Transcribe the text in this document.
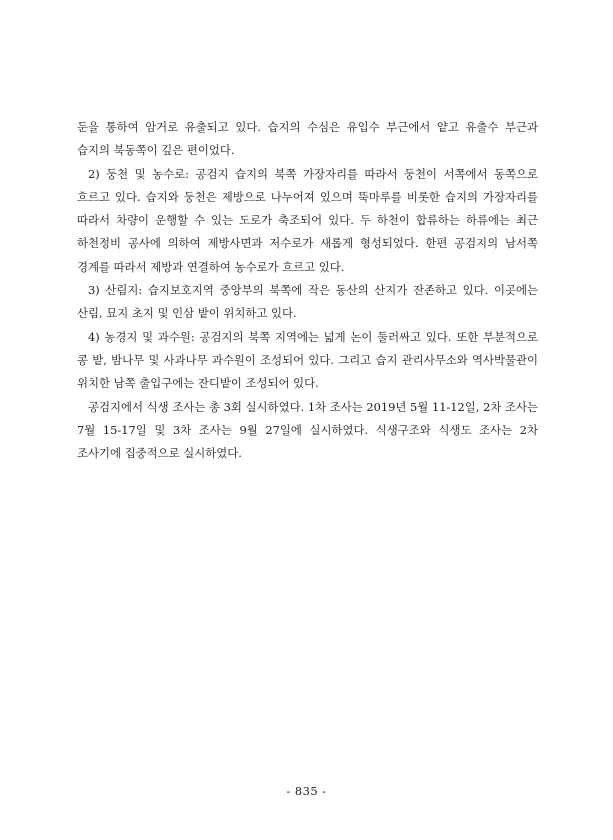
둔을 통하여 암거로 유출되고 있다. 습지의 수심은 유입수 부근에서 얕고 유출수 부근과 습지의 북동쪽이 깊은 편이었다.

2) 둥천 및 농수로: 공검지 습지의 북쪽 가장자리를 따라서 둥천이 서쪽에서 동쪽으로 흐르고 있다. 습지와 둥천은 제방으로 나누어져 있으며 뚝마루를 비롯한 습지의 가장자리를 따라서 차량이 운행할 수 있는 도로가 축조되어 있다. 두 하천이 합류하는 하류에는 최근 하천정비 공사에 의하여 제방사면과 저수로가 새롭게 형성되었다. 한편 공검지의 남서쪽 경계를 따라서 제방과 연결하여 농수로가 흐르고 있다.

3) 산림지: 습지보호지역 중앙부의 북쪽에 작은 동산의 산지가 잔존하고 있다. 이곳에는 산림, 묘지 초지 및 인삼 밭이 위치하고 있다.

4) 농경지 및 과수원: 공검지의 북쪽 지역에는 넓게 논이 둘러싸고 있다. 또한 부분적으로 콩 밭, 밤나무 및 사과나무 과수원이 조성되어 있다. 그리고 습지 관리사무소와 역사박물관이 위치한 남쪽 출입구에는 잔디밭이 조성되어 있다.

공검지에서 식생 조사는 총 3회 실시하였다. 1차 조사는 2019년 5월 11-12일, 2차 조사는 7월 15-17일 및 3차 조사는 9월 27일에 실시하였다. 식생구조와 식생도 조사는 2차 조사기에 집중적으로 실시하였다.

- 835 -
